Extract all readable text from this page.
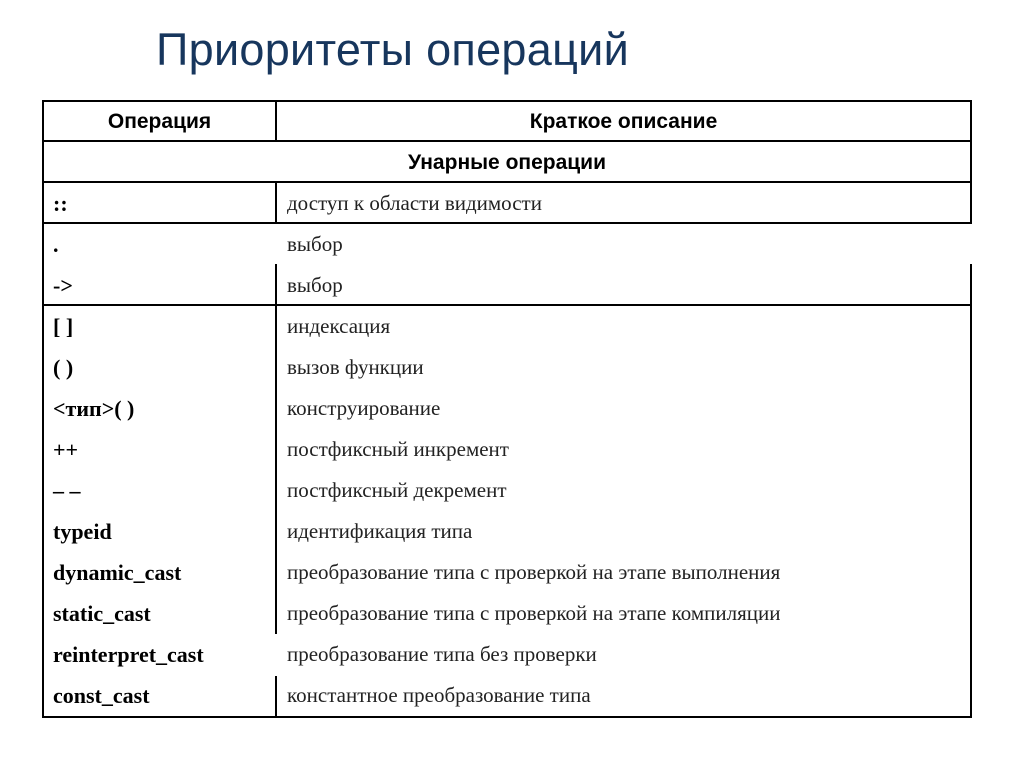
Приоритеты операций
Операция	Краткое описание
Унарные операции
::
.
->
[ ]
( )
<тип>( )
++
– –
typeid
dynamic_cast
static_cast
reinterpret_cast
const_cast
доступ к области видимости
выбор
выбор
индексация
вызов функции
конструирование
постфиксный инкремент
постфиксный декремент
идентификация типа
преобразование типа с проверкой на этапе выполнения
преобразование типа с проверкой на этапе компиляции
преобразование типа без проверки
константное преобразование типа
